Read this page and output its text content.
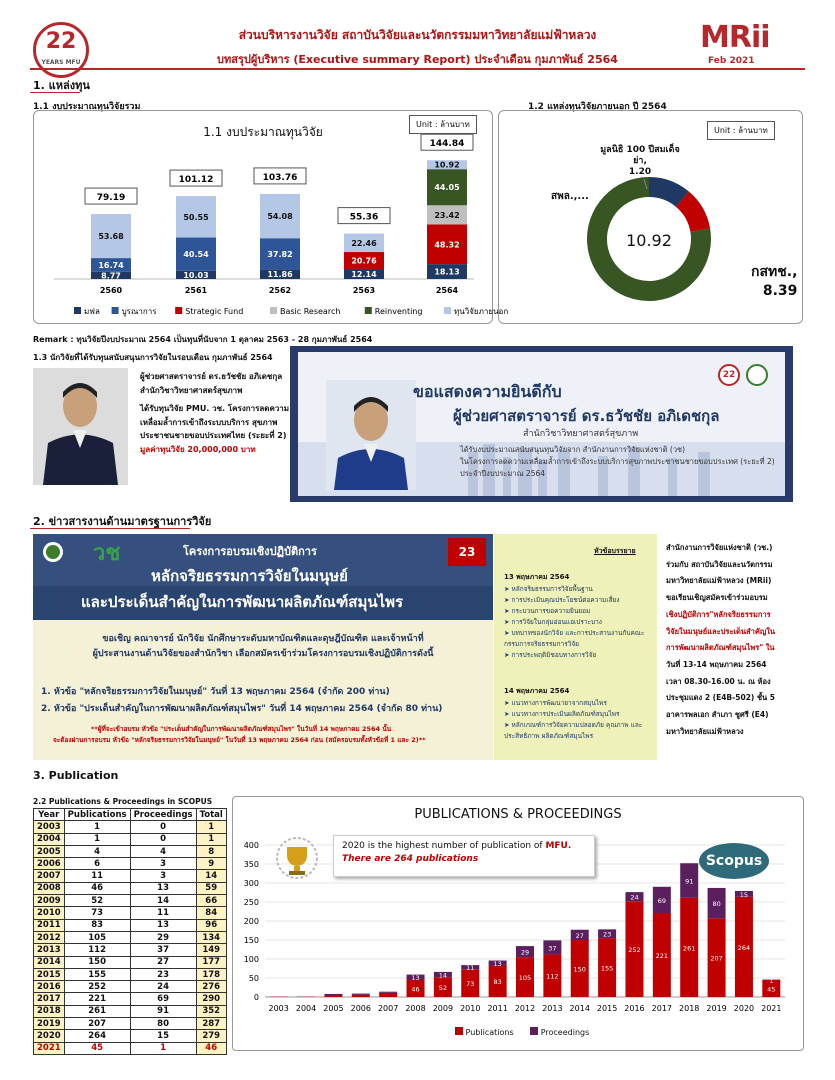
22
YEARS MFU
ส่วนบริหารงานวิจัย สถาบันวิจัยและนวัตกรรมมหาวิทยาลัยแม่ฟ้าหลวง
บทสรุปผู้บริหาร (Executive summary Report) ประจำเดือน กุมภาพันธ์ 2564
MRii
Feb 2021
1. แหล่งทุน
1.1 งบประมาณทุนวิจัยรวม	1.2 แหล่งทุนวิจัยภายนอก ปี 2564
1.1 งบประมาณทุนวิจัย
Unit : ล้านบาท
8.77
16.74
53.68
79.19
2560
10.03
40.54
50.55
101.12
2561
11.86
37.82
54.08
103.76
2562
12.14
20.76
22.46
55.36
2563
18.13
48.32
23.42
44.05
10.92
144.84
2564
มฟล	บูรณาการ	Strategic Fund	Basic Research	Reinventing	ทุนวิจัยภายนอก
Unit : ล้านบาท
มูลนิธิ 100 ปีสมเด็จย่า,
1.20
สพล.,...
กสทช.,
8.39
10.92
Remark : ทุนวิจัยปีงบประมาณ 2564 เป็นทุนที่นับจาก 1 ตุลาคม 2563 - 28 กุมภาพันธ์ 2564
1.3 นักวิจัยที่ได้รับทุนสนับสนุนการวิจัยในรอบเดือน กุมภาพันธ์ 2564
ผู้ช่วยศาสตราจารย์ ดร.ธวัชชัย อภิเดชกุล
สำนักวิชาวิทยาศาสตร์สุขภาพ
ได้รับทุนวิจัย PMU. วช. โครงการลดความ
เหลื่อมล้ำการเข้าถึงระบบบริการ สุขภาพ
ประชาชนชายขอบประเทศไทย (ระยะที่ 2)
มูลค่าทุนวิจัย 20,000,000 บาท
ขอแสดงความยินดีกับ
ผู้ช่วยศาสตราจารย์ ดร.ธวัชชัย อภิเดชกุล
สำนักวิชาวิทยาศาสตร์สุขภาพ
ได้รับงบประมาณสนับสนุนทุนวิจัยจาก สำนักงานการวิจัยแห่งชาติ (วช)
ในโครงการลดความเหลื่อมล้ำการเข้าถึงระบบบริการสุขภาพประชาชนชายขอบประเทศ (ระยะที่ 2)
ประจำปีงบประมาณ 2564
22
2. ข่าวสารงานด้านมาตรฐานการวิจัย
วช	โครงการอบรมเชิงปฏิบัติการ	23
หลักจริยธรรมการวิจัยในมนุษย์
และประเด็นสำคัญในการพัฒนาผลิตภัณฑ์สมุนไพร
ขอเชิญ คณาจารย์ นักวิจัย นักศึกษาระดับมหาบัณฑิตและดุษฎีบัณฑิต และเจ้าหน้าที่
ผู้ประสานงานด้านวิจัยของสำนักวิชา เลือกสมัครเข้าร่วมโครงการอบรมเชิงปฏิบัติการดังนี้
1. หัวข้อ "หลักจริยธรรมการวิจัยในมนุษย์" วันที่ 13 พฤษภาคม 2564 (จำกัด 200 ท่าน)
2. หัวข้อ "ประเด็นสำคัญในการพัฒนาผลิตภัณฑ์สมุนไพร" วันที่ 14 พฤษภาคม 2564 (จำกัด 80 ท่าน)
**ผู้ที่จะเข้าอบรม หัวข้อ "ประเด็นสำคัญในการพัฒนาผลิตภัณฑ์สมุนไพร" ในวันที่ 14 พฤษภาคม 2564 นั้น
จะต้องผ่านการอบรม หัวข้อ "หลักจริยธรรมการวิจัยในมนุษย์" ในวันที่ 13 พฤษภาคม 2564 ก่อน (สมัครอบรมทั้งหัวข้อที่ 1 และ 2)**
หัวข้อบรรยาย
13 พฤษภาคม 2564
➤ หลักจริยธรรมการวิจัยพื้นฐาน
➤ การประเมินคุณประโยชน์ต่อความเสี่ยง
➤ กระบวนการขอความยินยอม
➤ การวิจัยในกลุ่มอ่อนแอเปราะบาง
➤ บทบาทของนักวิจัย และการประสานงานกับคณะกรรมการจริยธรรมการวิจัย
➤ การประพฤติมิชอบทางการวิจัย
14 พฤษภาคม 2564
➤ แนวทางการพัฒนายาจากสมุนไพร
➤ แนวทางการประเมินผลิตภัณฑ์สมุนไพร
➤ หลักเกณฑ์การวิจัยความปลอดภัย คุณภาพ และประสิทธิภาพ ผลิตภัณฑ์สมุนไพร
สำนักงานการวิจัยแห่งชาติ (วช.)
ร่วมกับ สถาบันวิจัยและนวัตกรรม
มหาวิทยาลัยแม่ฟ้าหลวง (MRii)
ขอเรียนเชิญสมัครเข้าร่วมอบรม
เชิงปฏิบัติการ"หลักจริยธรรมการ
วิจัยในมนุษย์และประเด็นสำคัญใน
การพัฒนาผลิตภัณฑ์สมุนไพร" ใน
วันที่ 13-14 พฤษภาคม 2564
เวลา 08.30-16.00 น. ณ ห้อง
ประชุมแดง 2 (E4B-502) ชั้น 5
อาคารพลเอก สำเภา ชูศรี (E4)
มหาวิทยาลัยแม่ฟ้าหลวง
3. Publication
2.2 Publications & Proceedings in SCOPUS
Year	Publications	Proceedings	Total
2003	1	0	1
2004	1	0	1
2005	4	4	8
2006	6	3	9
2007	11	3	14
2008	46	13	59
2009	52	14	66
2010	73	11	84
2011	83	13	96
2012	105	29	134
2013	112	37	149
2014	150	27	177
2015	155	23	178
2016	252	24	276
2017	221	69	290
2018	261	91	352
2019	207	80	287
2020	264	15	279
2021	45	1	46
PUBLICATIONS & PROCEEDINGS
0
50
100
150
200
250
300
350
400
2003 2004 2005 2006 2007
46
13
2008
52
14
2009
73
11
2010
83
13
2011
105
29
2012
112
37
2013
150
27
2014
155
23
2015
252
24
2016
221
69
2017
261
91
2018
207
80
2019
264
15
2020
45
1
2021
2020 is the highest number of publication of MFU.
There are 264 publications	Scopus
Publications	Proceedings
